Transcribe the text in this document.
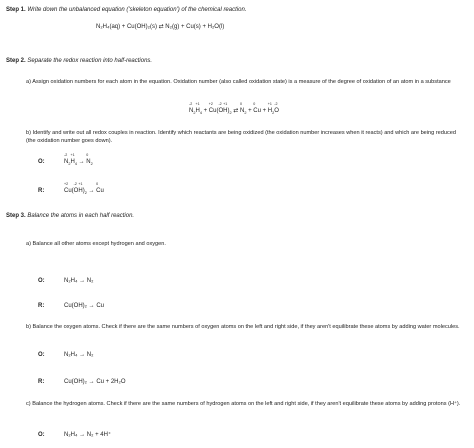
Step 1. Write down the unbalanced equation ('skeleton equation') of the chemical reaction.
N₂H₄(aq) + Cu(OH)₂(s) ⇄ N₂(g) + Cu(s) + H₂O(l)
Step 2. Separate the redox reaction into half-reactions.
a) Assign oxidation numbers for each atom in the equation. Oxidation number (also called oxidation state) is a measure of the degree of oxidation of an atom in a substance
N
-2
$_2$H
+1
$_4$ + Cu
+2
(O
-2
H
+1
)$_2$ ⇄ N
0
$_2$ + Cu
0
+ H
+1
$_2$O
-2
b) Identify and write out all redox couples in reaction. Identify which reactants are being oxidized (the oxidation number increases when it reacts) and which are being reduced (the oxidation number goes down).
O:	N
-2
$_2$H
+1
$_4$ → N
0
$_2$
R:	Cu
+2
(O
-2
H
+1
)$_2 \to Cu$
0
Step 3. Balance the atoms in each half reaction.
a) Balance all other atoms except hydrogen and oxygen.
O:	N₂H₄ → N₂
R:	Cu(OH)₂ → Cu
b) Balance the oxygen atoms. Check if there are the same numbers of oxygen atoms on the left and right side, if they aren't equilibrate these atoms by adding water molecules.
O:	N₂H₄ → N₂
R:	Cu(OH)₂ → Cu + 2H₂O
c) Balance the hydrogen atoms. Check if there are the same numbers of hydrogen atoms on the left and right side, if they aren't equilibrate these atoms by adding protons (H⁺).
O:	N₂H₄ → N₂ + 4H⁺
